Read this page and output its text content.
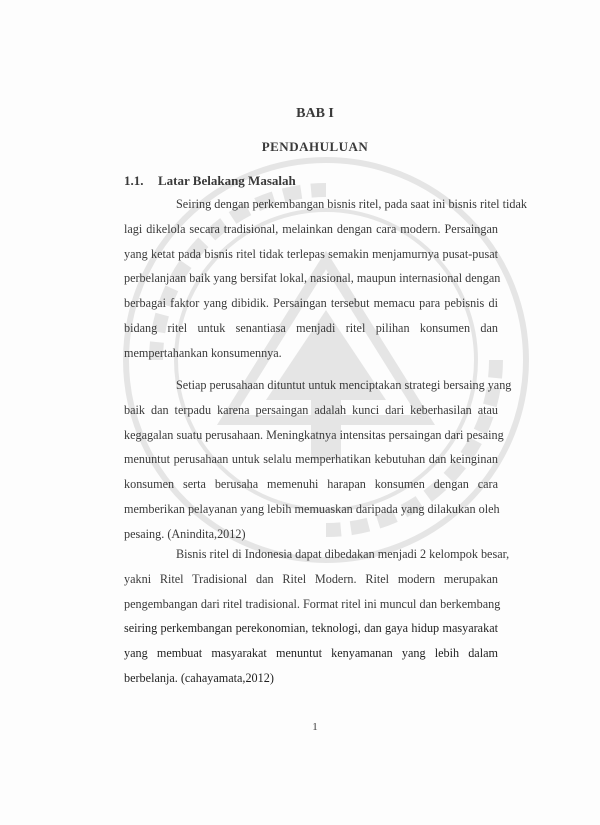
BAB I
PENDAHULUAN
1.1. Latar Belakang Masalah

Seiring dengan perkembangan bisnis ritel, pada saat ini bisnis ritel tidak
lagi dikelola secara tradisional, melainkan dengan cara modern. Persaingan
yang ketat pada bisnis ritel tidak terlepas semakin menjamurnya pusat-pusat
perbelanjaan baik yang bersifat lokal, nasional, maupun internasional dengan
berbagai faktor yang dibidik. Persaingan tersebut memacu para pebisnis di
bidang ritel untuk senantiasa menjadi ritel pilihan konsumen dan
mempertahankan konsumennya.

Setiap perusahaan dituntut untuk menciptakan strategi bersaing yang
baik dan terpadu karena persaingan adalah kunci dari keberhasilan atau
kegagalan suatu perusahaan. Meningkatnya intensitas persaingan dari pesaing
menuntut perusahaan untuk selalu memperhatikan kebutuhan dan keinginan
konsumen serta berusaha memenuhi harapan konsumen dengan cara
memberikan pelayanan yang lebih memuaskan daripada yang dilakukan oleh
pesaing. (Anindita,2012)

Bisnis ritel di Indonesia dapat dibedakan menjadi 2 kelompok besar,
yakni Ritel Tradisional dan Ritel Modern. Ritel modern merupakan
pengembangan dari ritel tradisional. Format ritel ini muncul dan berkembang
seiring perkembangan perekonomian, teknologi, dan gaya hidup masyarakat
yang membuat masyarakat menuntut kenyamanan yang lebih dalam
berbelanja. (cahayamata,2012)

1
